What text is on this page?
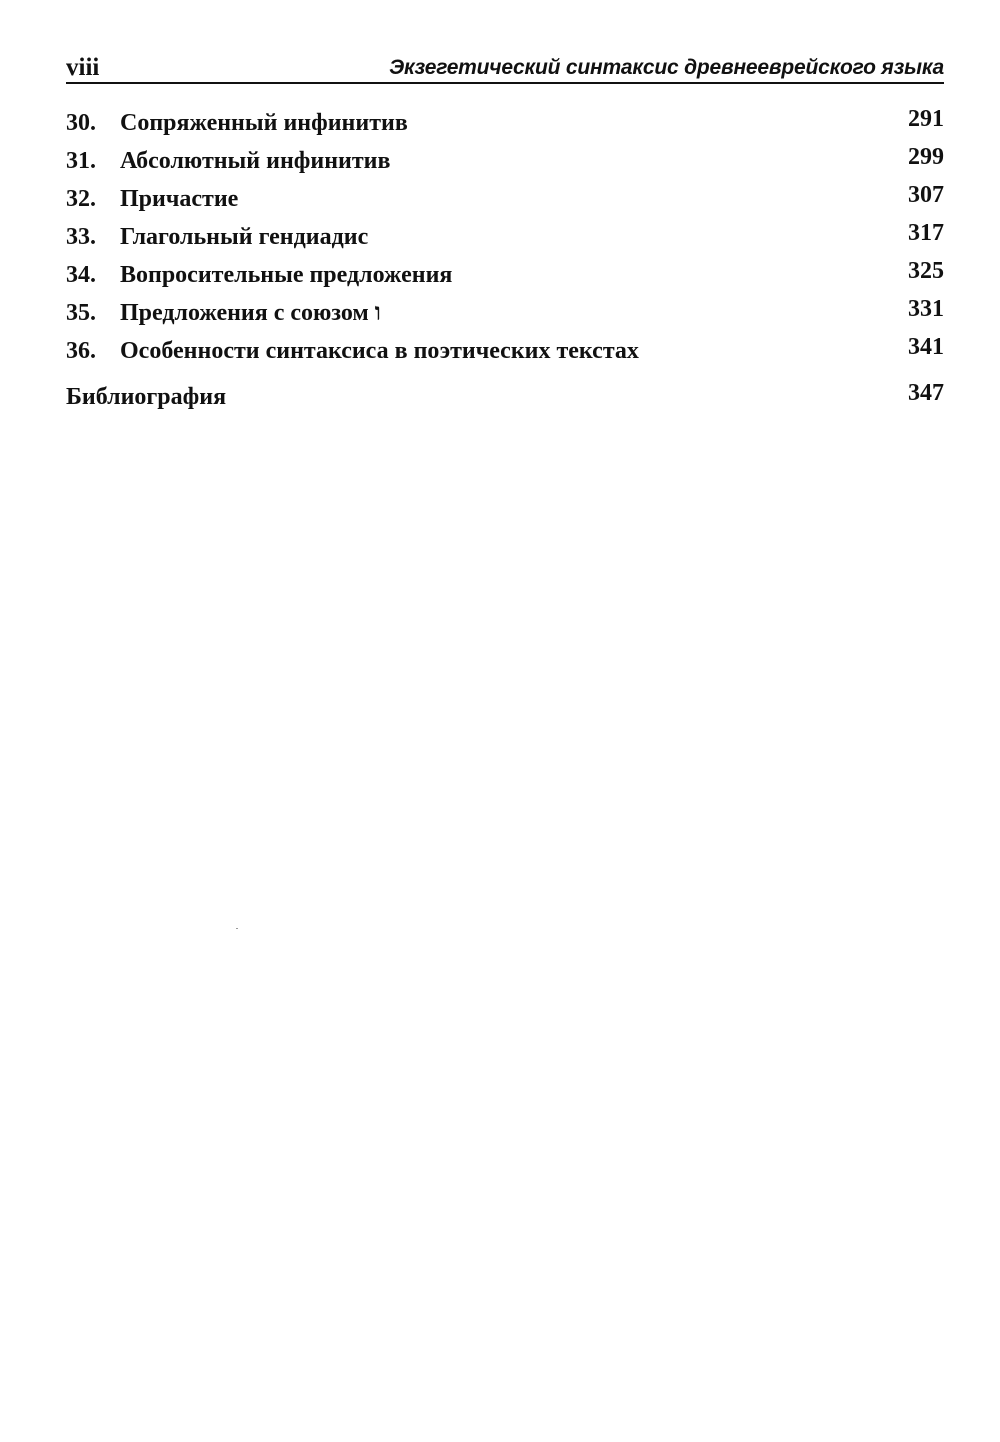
viii	Экзегетический синтаксис древнееврейского языка
30. Сопряженный инфинитив	291
31. Абсолютный инфинитив	299
32. Причастие	307
33. Глагольный гендиадис	317
34. Вопросительные предложения	325
35. Предложения с союзом ו	331
36. Особенности синтаксиса в поэтических текстах	341
Библиография	347
